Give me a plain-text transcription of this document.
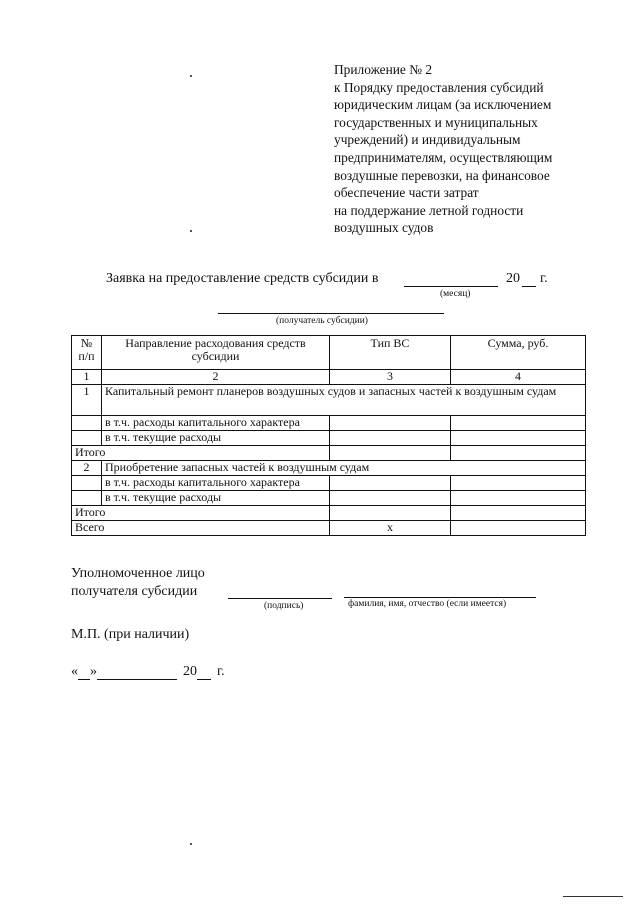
Приложение № 2
к Порядку предоставления субсидий
юридическим лицам (за исключением
государственных и муниципальных
учреждений) и индивидуальным
предпринимателям, осуществляющим
воздушные перевозки, на финансовое
обеспечение части затрат
на поддержание летной годности
воздушных судов
Заявка на предоставление средств субсидии в	20 г.
(месяц)
(получатель субсидии)
№ п/п	Направление расходования средств субсидии	Тип ВС	Сумма, руб.
1	2	3	4
1	Капитальный ремонт планеров воздушных судов и запасных частей к воздушным судам		
	в т.ч. расходы капитального характера		
	в т.ч. текущие расходы		
Итого			
2	Приобретение запасных частей к воздушным судам		
	в т.ч. расходы капитального характера		
	в т.ч. текущие расходы		
Итого			
Всего		х	
Уполномоченное лицо
получателя субсидии
(подпись)	фамилия, имя, отчество (если имеется)
М.П. (при наличии)
« »	20 г.
